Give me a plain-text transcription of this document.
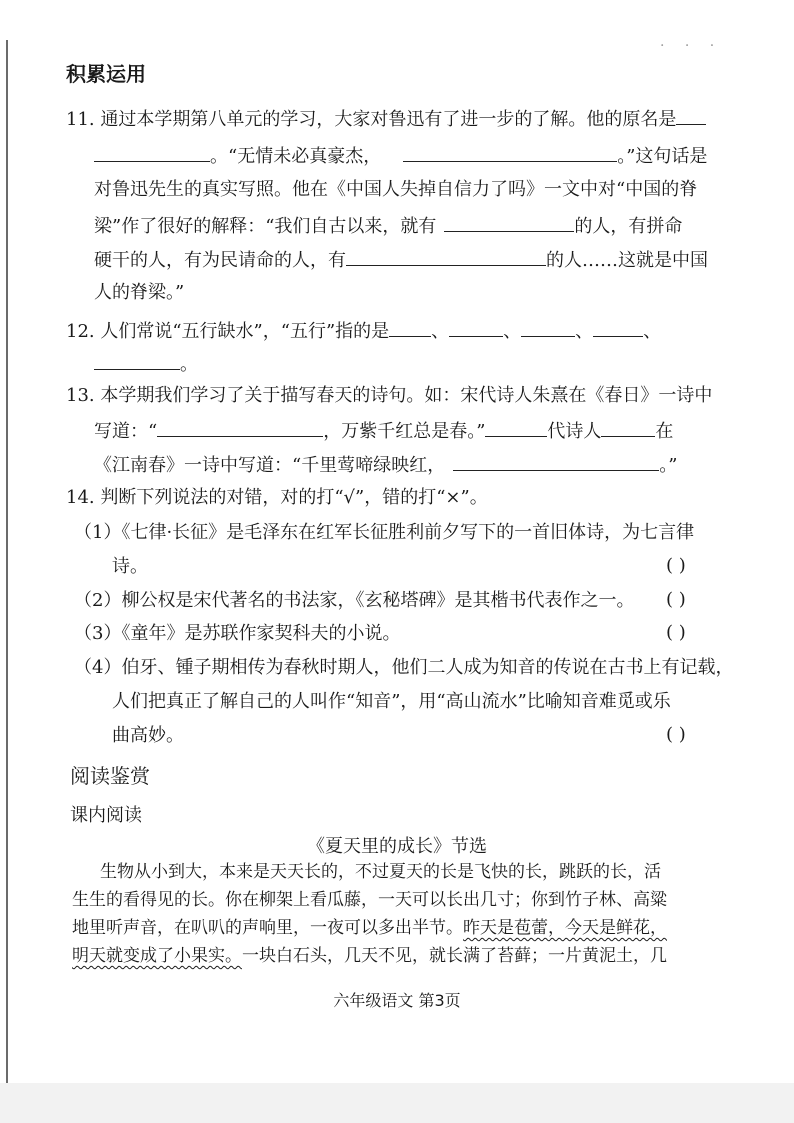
· · ·
积累运用
11. 通过本学期第八单元的学习，大家对鲁迅有了进一步的了解。他的原名是
。“无情未必真豪杰，	。”这句话是
对鲁迅先生的真实写照。他在《中国人失掉自信力了吗》一文中对“中国的脊
梁”作了很好的解释：“我们自古以来，就有	的人，有拼命
硬干的人，有为民请命的人，有	的人……这就是中国
人的脊梁。”
12. 人们常说“五行缺水”，“五行”指的是 、	、	、	、
。
13. 本学期我们学习了关于描写春天的诗句。如：宋代诗人朱熹在《春日》一诗中
写道：“	，万紫千红总是春。”	代诗人	在
《江南春》一诗中写道：“千里莺啼绿映红，	。”
14. 判断下列说法的对错，对的打“√”，错的打“×”。
（1）《七律·长征》是毛泽东在红军长征胜利前夕写下的一首旧体诗，为七言律
诗。	( )
（2）柳公权是宋代著名的书法家，《玄秘塔碑》是其楷书代表作之一。 ( )
（3）《童年》是苏联作家契科夫的小说。	( )
（4）伯牙、锺子期相传为春秋时期人，他们二人成为知音的传说在古书上有记载，
人们把真正了解自己的人叫作“知音”，用“高山流水”比喻知音难觅或乐
曲高妙。	( )
阅读鉴赏
课内阅读
《夏天里的成长》节选
生物从小到大，本来是天天长的，不过夏天的长是飞快的长，跳跃的长，活
生生的看得见的长。你在柳架上看瓜藤，一天可以长出几寸；你到竹子林、高粱
地里听声音，在叭叭的声响里，一夜可以多出半节。昨天是苞蕾，今天是鲜花，
明天就变成了小果实。一块白石头，几天不见，就长满了苔藓；一片黄泥土，几
六年级语文 第3页
